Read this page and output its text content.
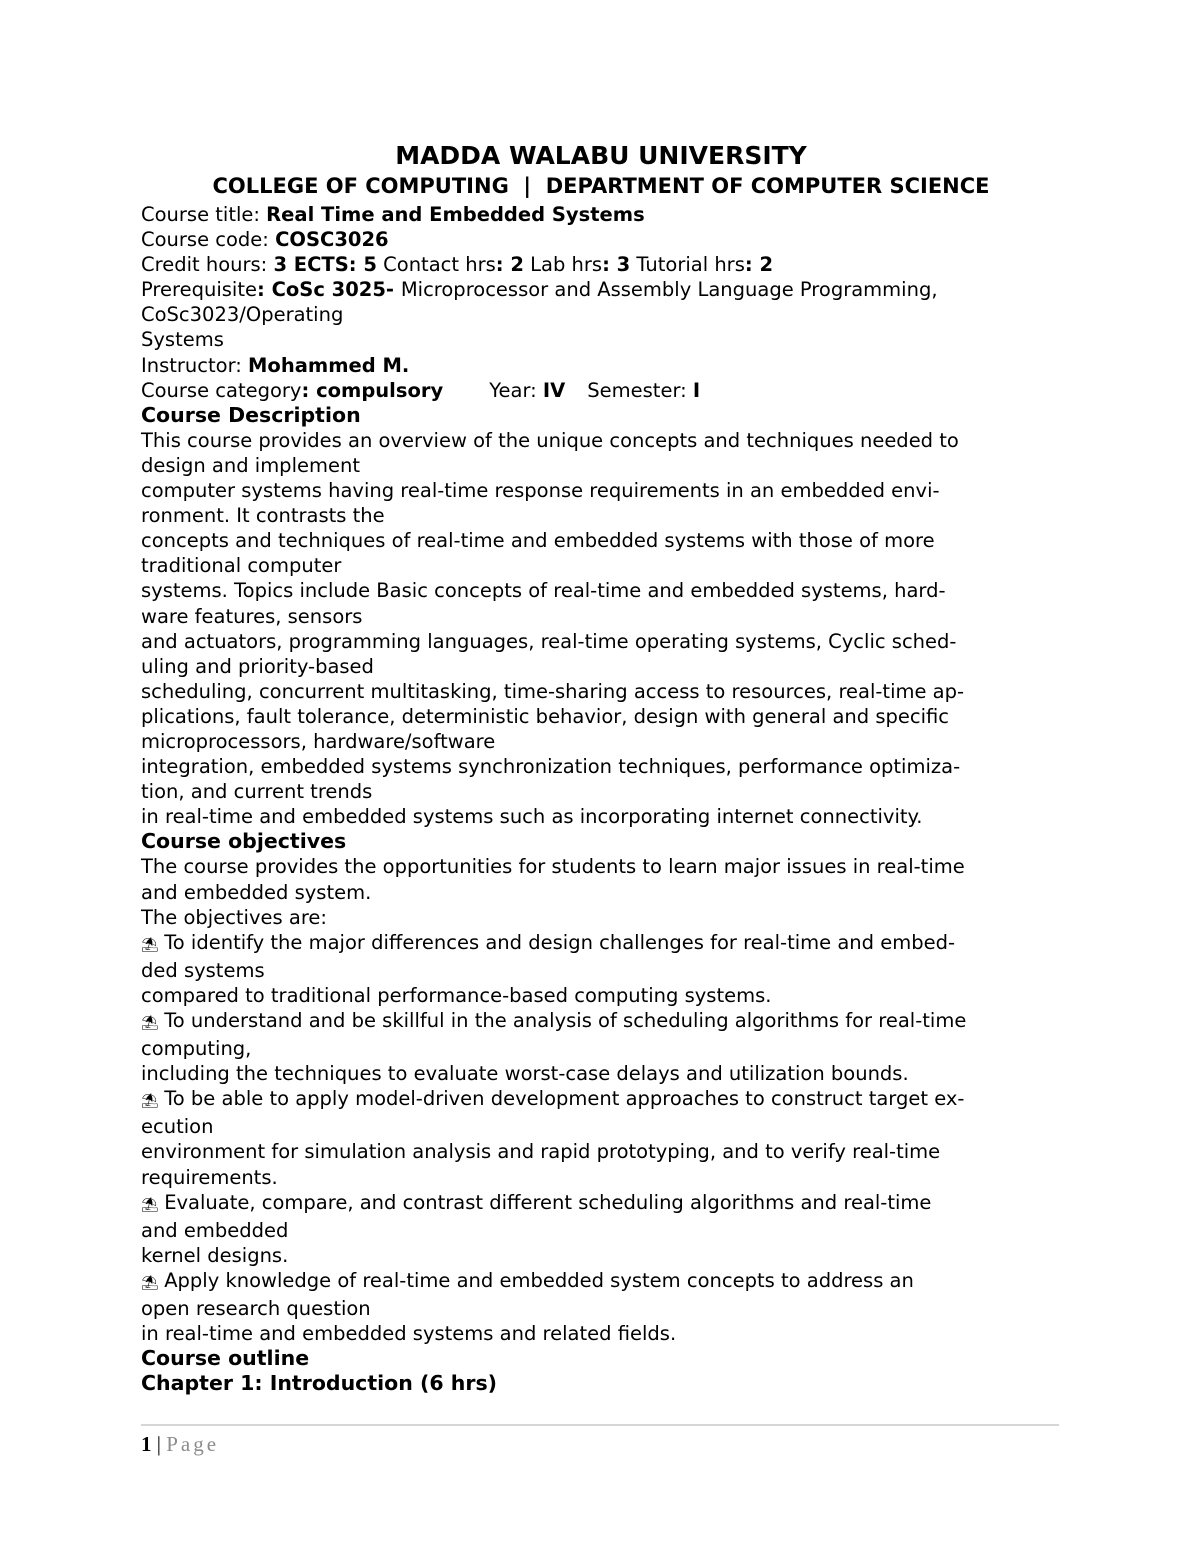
MADDA WALABU UNIVERSITY

COLLEGE OF COMPUTING  |  DEPARTMENT OF COMPUTER SCIENCE

Course title: Real Time and Embedded Systems

Course code: COSC3026

Credit hours: 3 ECTS: 5 Contact hrs: 2 Lab hrs: 3 Tutorial hrs: 2

Prerequisite: CoSc 3025- Microprocessor and Assembly Language Programming,

CoSc3023/Operating

Systems

Instructor: Mohammed M.

Course category: compulsory Year: IV Semester: I

Course Description

This course provides an overview of the unique concepts and techniques needed to

design and implement

computer systems having real-time response requirements in an embedded envi-

ronment. It contrasts the

concepts and techniques of real-time and embedded systems with those of more

traditional computer

systems. Topics include Basic concepts of real-time and embedded systems, hard-

ware features, sensors

and actuators, programming languages, real-time operating systems, Cyclic sched-

uling and priority-based

scheduling, concurrent multitasking, time-sharing access to resources, real-time ap-

plications, fault tolerance, deterministic behavior, design with general and specific

microprocessors, hardware/software

integration, embedded systems synchronization techniques, performance optimiza-

tion, and current trends

in real-time and embedded systems such as incorporating internet connectivity.

Course objectives

The course provides the opportunities for students to learn major issues in real-time

and embedded system.

The objectives are:

⛱ To identify the major differences and design challenges for real-time and embed-

ded systems

compared to traditional performance-based computing systems.

⛱ To understand and be skillful in the analysis of scheduling algorithms for real-time

computing,

including the techniques to evaluate worst-case delays and utilization bounds.

⛱ To be able to apply model-driven development approaches to construct target ex-

ecution

environment for simulation analysis and rapid prototyping, and to verify real-time

requirements.

⛱ Evaluate, compare, and contrast different scheduling algorithms and real-time

and embedded

kernel designs.

⛱ Apply knowledge of real-time and embedded system concepts to address an

open research question

in real-time and embedded systems and related fields.

Course outline

Chapter 1: Introduction (6 hrs)

1 | Page
